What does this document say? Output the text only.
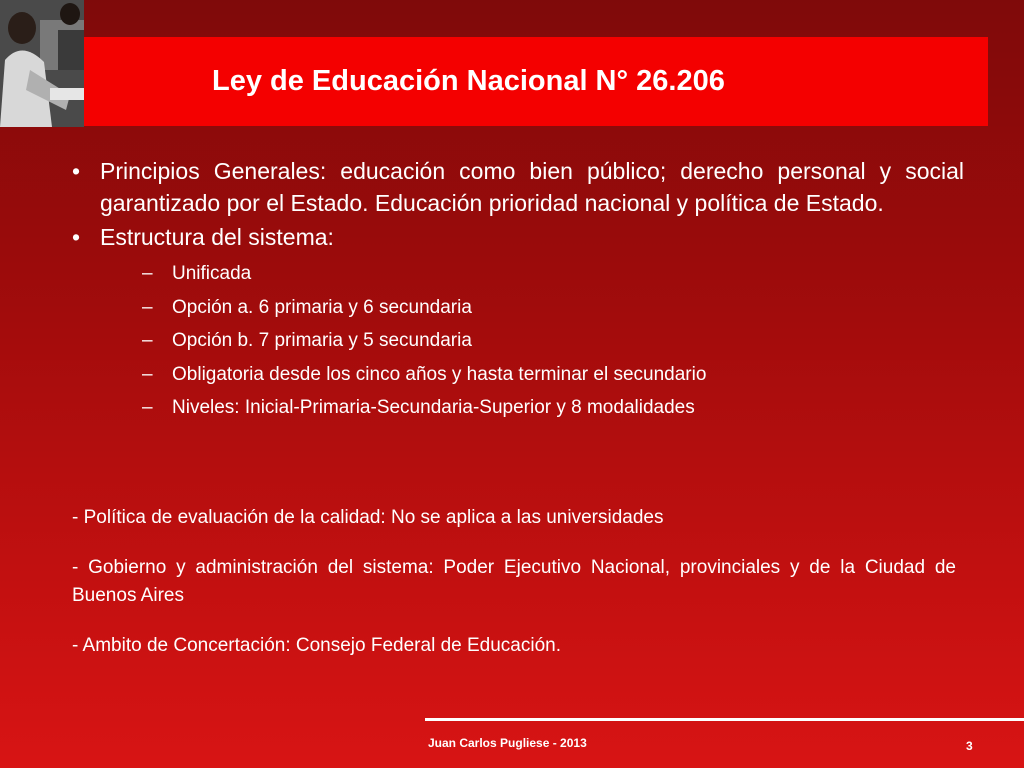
Ley de Educación Nacional N° 26.206
• Principios Generales: educación como bien público; derecho personal y social garantizado por el Estado. Educación prioridad nacional y política de Estado.
• Estructura del sistema:
– Unificada
– Opción a. 6 primaria y 6 secundaria
– Opción b. 7 primaria y 5 secundaria
– Obligatoria desde los cinco años y hasta terminar el secundario
– Niveles: Inicial-Primaria-Secundaria-Superior y 8 modalidades

- Política de evaluación de la calidad: No se aplica a las universidades

- Gobierno y administración del sistema: Poder Ejecutivo Nacional, provinciales y de la Ciudad de Buenos Aires

- Ambito de Concertación: Consejo Federal de Educación.

Juan Carlos Pugliese - 2013	3
